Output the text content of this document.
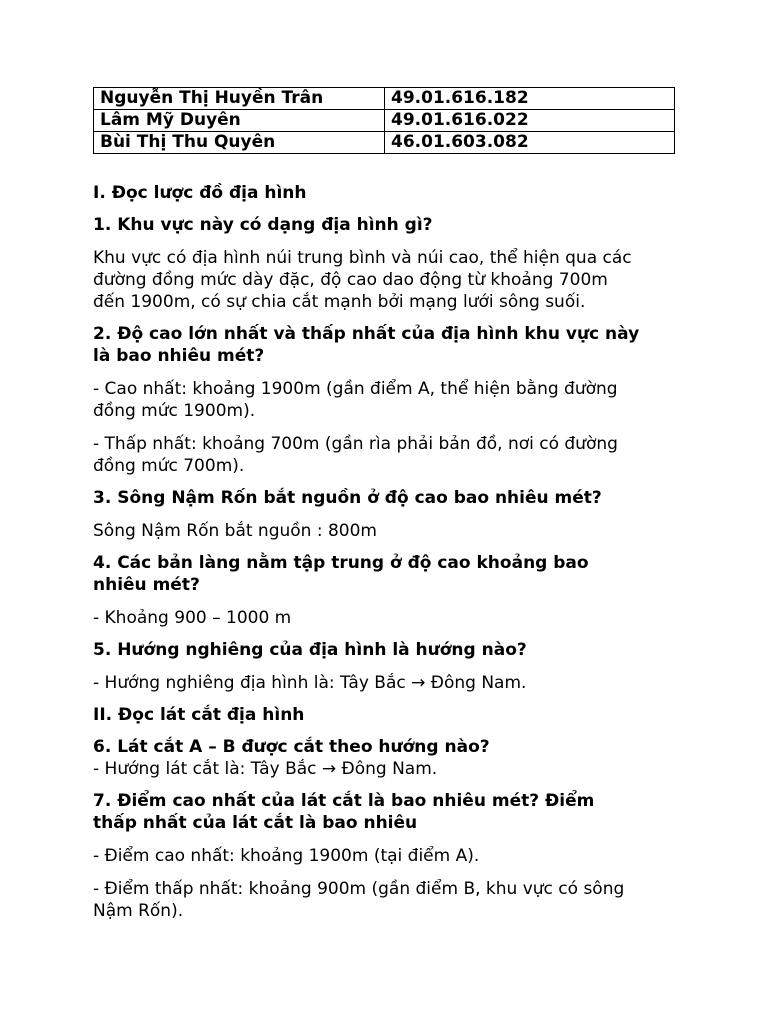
Nguyễn Thị Huyền Trân	49.01.616.182
Lâm Mỹ Duyên	49.01.616.022
Bùi Thị Thu Quyên	46.01.603.082

I. Đọc lược đồ địa hình

1. Khu vực này có dạng địa hình gì?

Khu vực có địa hình núi trung bình và núi cao, thể hiện qua các

đường đồng mức dày đặc, độ cao dao động từ khoảng 700m

đến 1900m, có sự chia cắt mạnh bởi mạng lưới sông suối.

2. Độ cao lớn nhất và thấp nhất của địa hình khu vực này

là bao nhiêu mét?

- Cao nhất: khoảng 1900m (gần điểm A, thể hiện bằng đường

đồng mức 1900m).

- Thấp nhất: khoảng 700m (gần rìa phải bản đồ, nơi có đường

đồng mức 700m).

3. Sông Nậm Rốn bắt nguồn ở độ cao bao nhiêu mét?

Sông Nậm Rốn bắt nguồn : 800m

4. Các bản làng nằm tập trung ở độ cao khoảng bao

nhiêu mét?

- Khoảng 900 – 1000 m

5. Hướng nghiêng của địa hình là hướng nào?

- Hướng nghiêng địa hình là: Tây Bắc → Đông Nam.

II. Đọc lát cắt địa hình

6. Lát cắt A – B được cắt theo hướng nào?

- Hướng lát cắt là: Tây Bắc → Đông Nam.

7. Điểm cao nhất của lát cắt là bao nhiêu mét? Điểm

thấp nhất của lát cắt là bao nhiêu

- Điểm cao nhất: khoảng 1900m (tại điểm A).

- Điểm thấp nhất: khoảng 900m (gần điểm B, khu vực có sông

Nậm Rốn).
